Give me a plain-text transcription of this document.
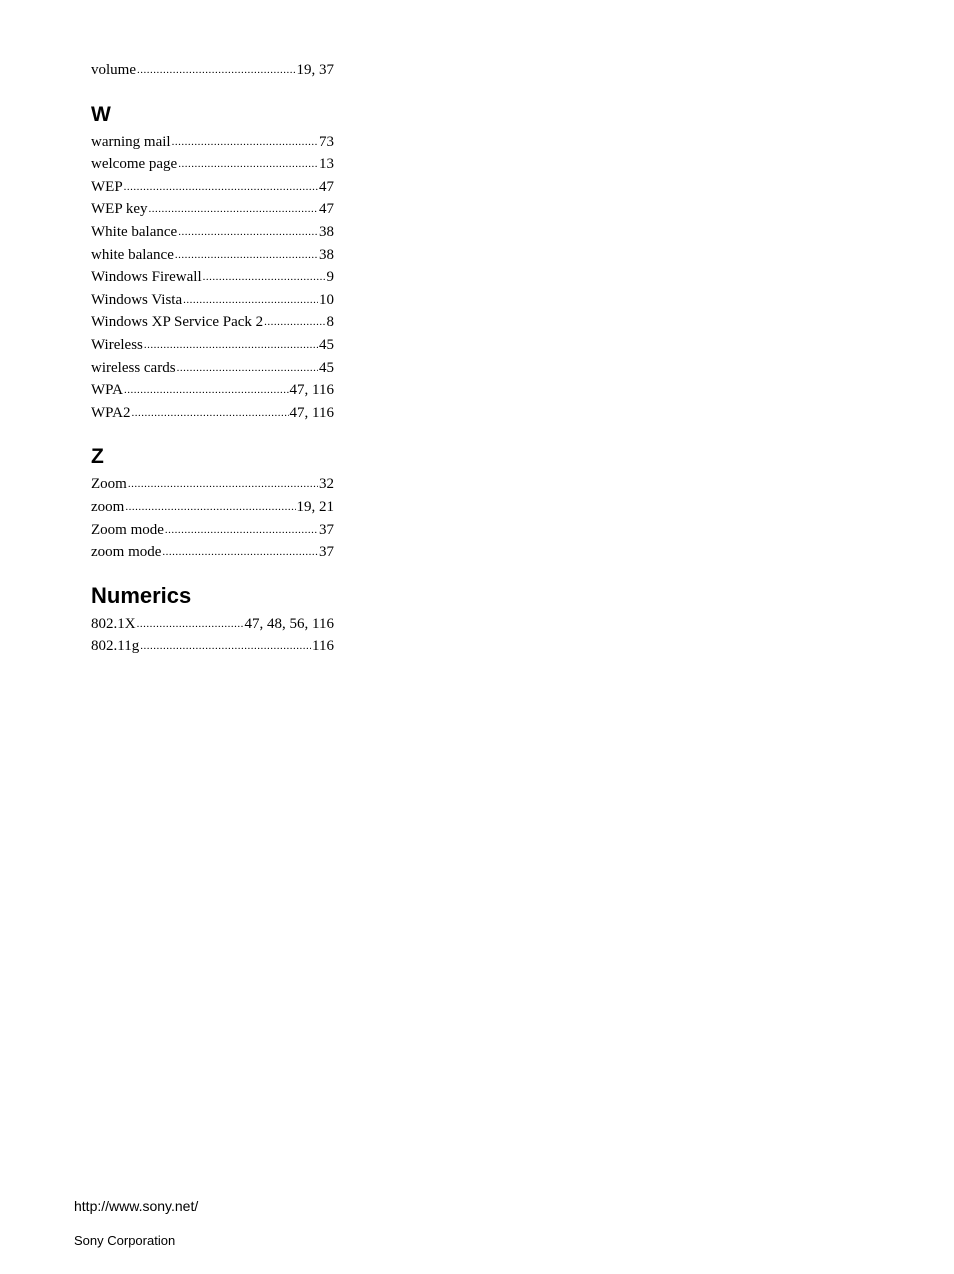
volume .....	19, 37
W
warning mail .....	73
welcome page .....	13
WEP .....	47
WEP key .....	47
White balance .....	38
white balance .....	38
Windows Firewall .....	9
Windows Vista .....	10
Windows XP Service Pack 2 .....	8
Wireless .....	45
wireless cards .....	45
WPA .....	47, 116
WPA2 .....	47, 116
Z
Zoom .....	32
zoom .....	19, 21
Zoom mode .....	37
zoom mode .....	37
Numerics
802.1X .....	47, 48, 56, 116
802.11g .....	116
http://www.sony.net/
Sony Corporation
